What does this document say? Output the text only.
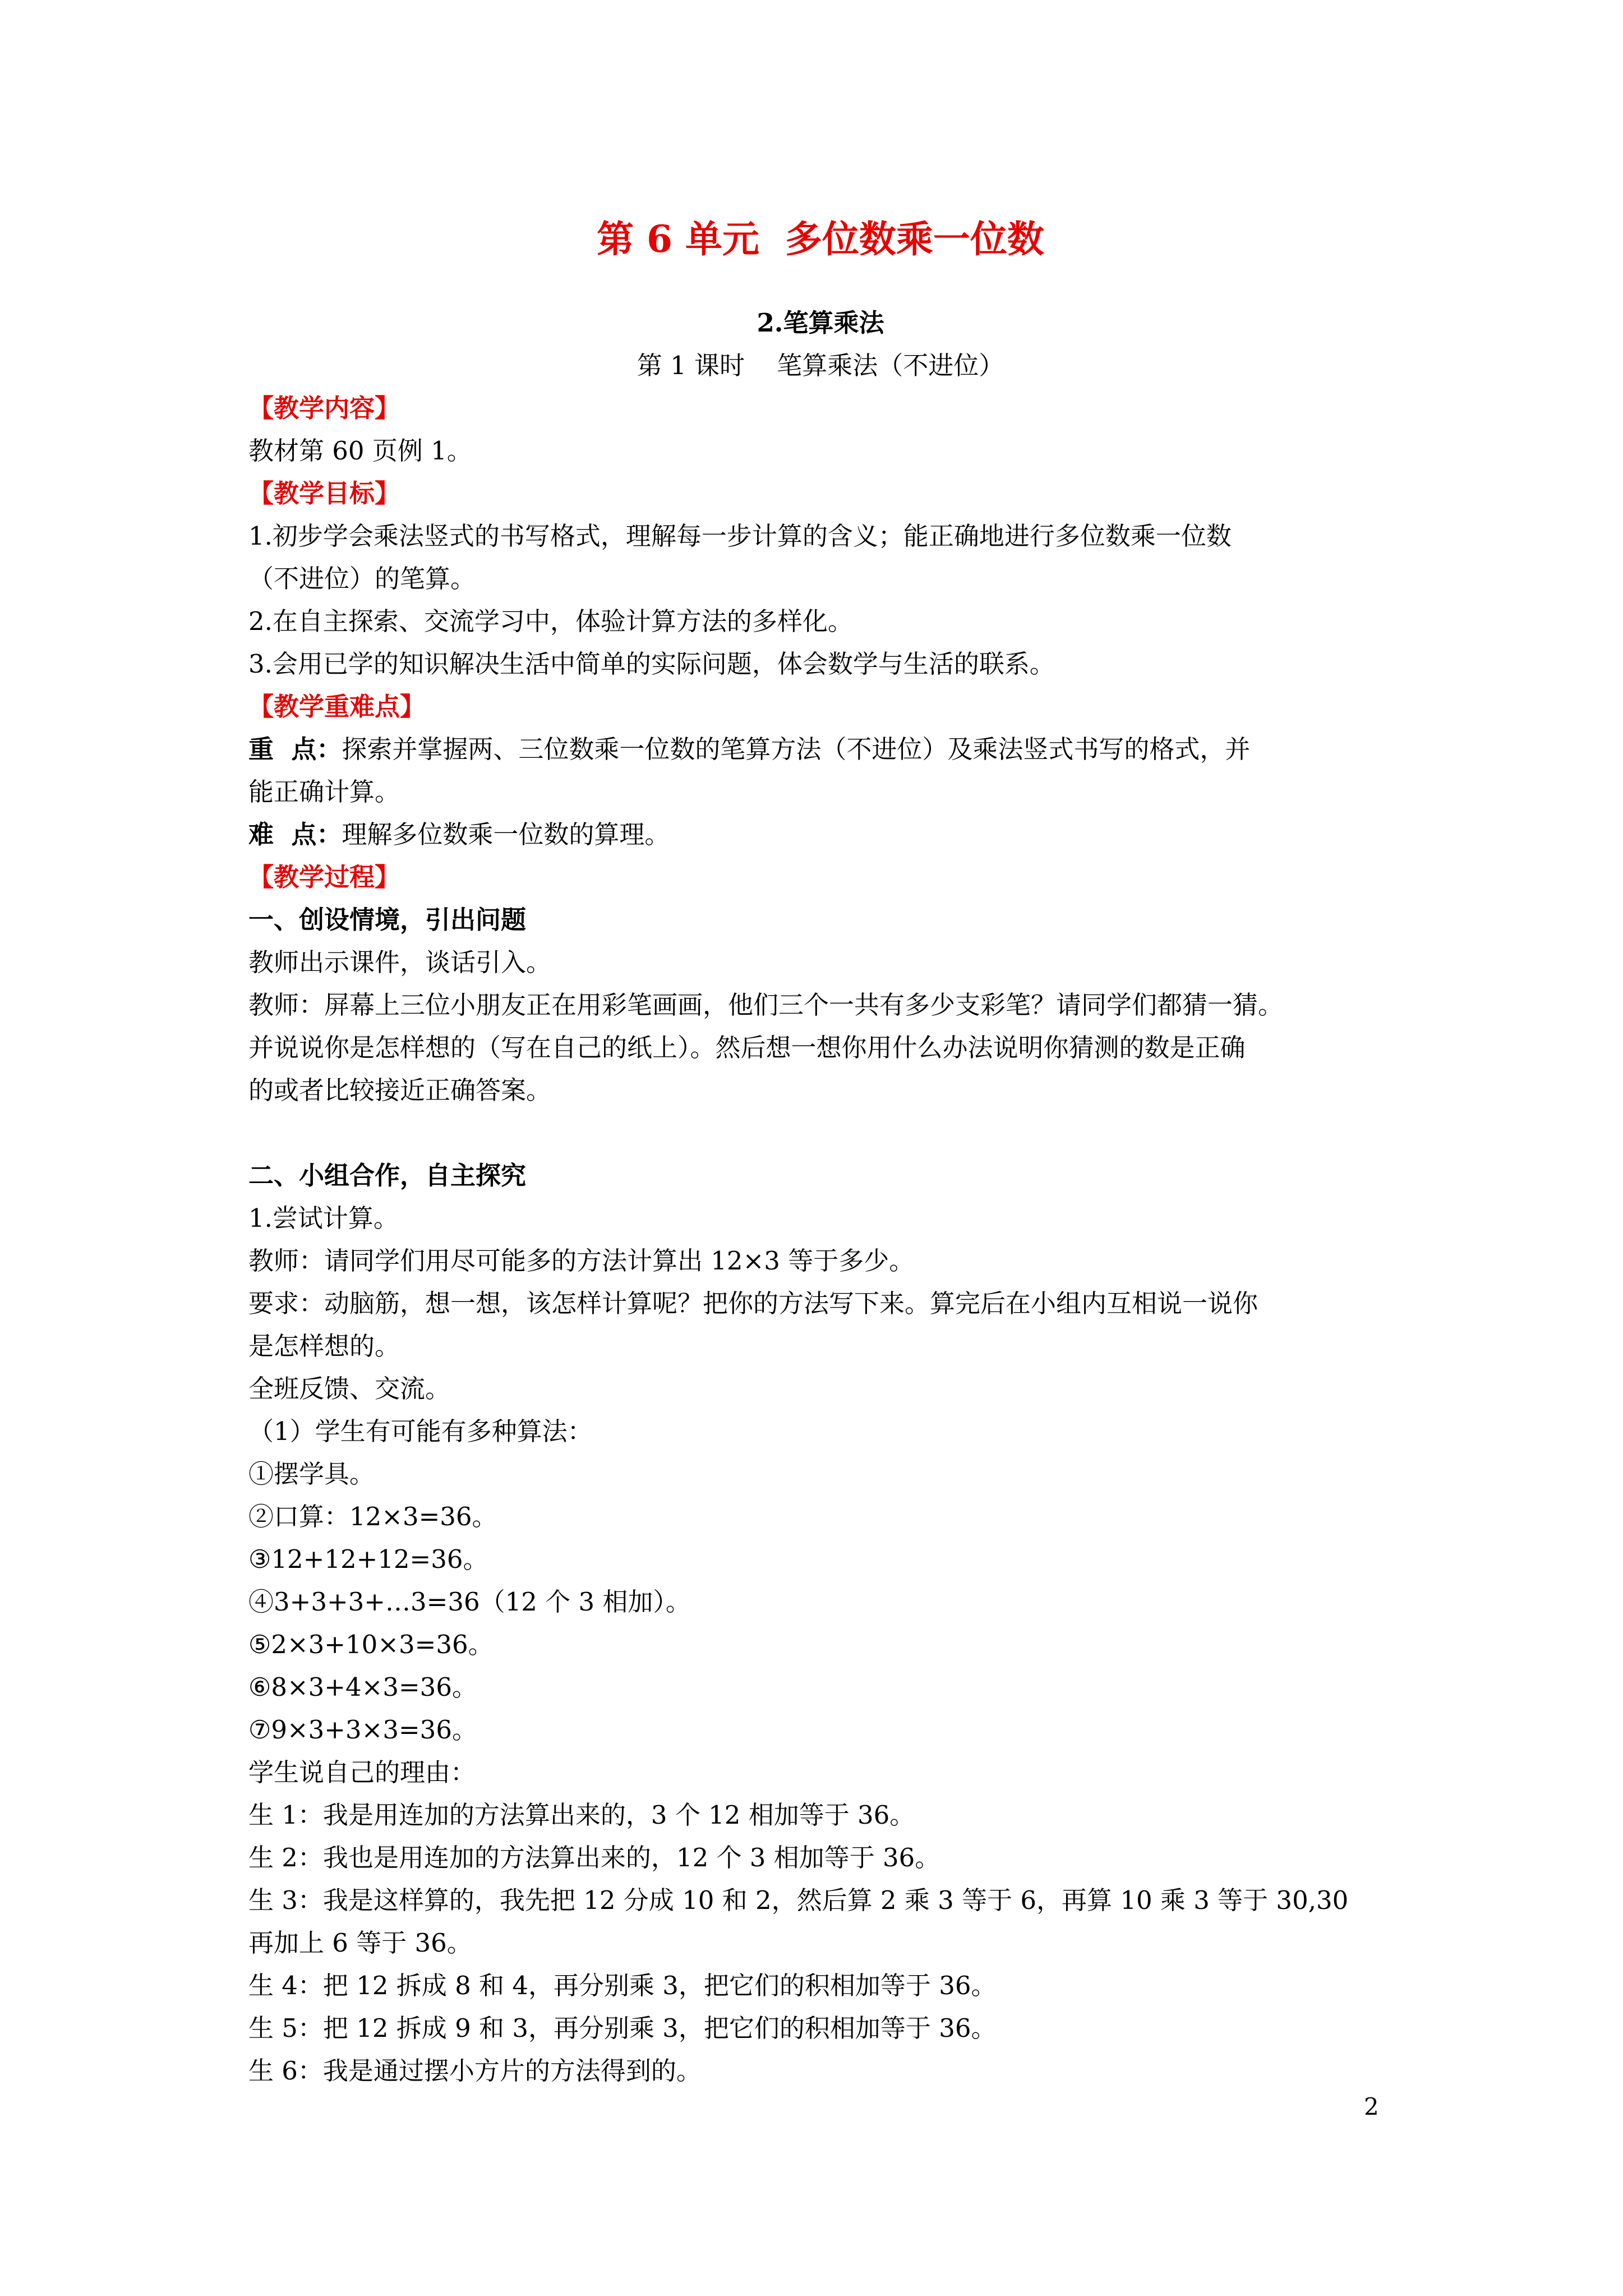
第 6 单元  多位数乘一位数

2.笔算乘法

第 1 课时    笔算乘法（不进位）

【教学内容】

教材第 60 页例 1。

【教学目标】

1.初步学会乘法竖式的书写格式，理解每一步计算的含义；能正确地进行多位数乘一位数

（不进位）的笔算。

2.在自主探索、交流学习中，体验计算方法的多样化。

3.会用已学的知识解决生活中简单的实际问题，体会数学与生活的联系。

【教学重难点】

重  点：探索并掌握两、三位数乘一位数的笔算方法（不进位）及乘法竖式书写的格式，并

能正确计算。

难  点：理解多位数乘一位数的算理。

【教学过程】

一、创设情境，引出问题

教师出示课件，谈话引入。

教师：屏幕上三位小朋友正在用彩笔画画，他们三个一共有多少支彩笔？请同学们都猜一猜。

并说说你是怎样想的（写在自己的纸上）。然后想一想你用什么办法说明你猜测的数是正确

的或者比较接近正确答案。

二、小组合作，自主探究

1.尝试计算。

教师：请同学们用尽可能多的方法计算出 12×3 等于多少。

要求：动脑筋，想一想，该怎样计算呢？把你的方法写下来。算完后在小组内互相说一说你

是怎样想的。

全班反馈、交流。

（1）学生有可能有多种算法：

①摆学具。

②口算：12×3=36。

③12+12+12=36。

④3+3+3+…3=36（12 个 3 相加）。

⑤2×3+10×3=36。

⑥8×3+4×3=36。

⑦9×3+3×3=36。

学生说自己的理由：

生 1：我是用连加的方法算出来的，3 个 12 相加等于 36。

生 2：我也是用连加的方法算出来的，12 个 3 相加等于 36。

生 3：我是这样算的，我先把 12 分成 10 和 2，然后算 2 乘 3 等于 6，再算 10 乘 3 等于 30,30

再加上 6 等于 36。

生 4：把 12 拆成 8 和 4，再分别乘 3，把它们的积相加等于 36。

生 5：把 12 拆成 9 和 3，再分别乘 3，把它们的积相加等于 36。

生 6：我是通过摆小方片的方法得到的。

2
